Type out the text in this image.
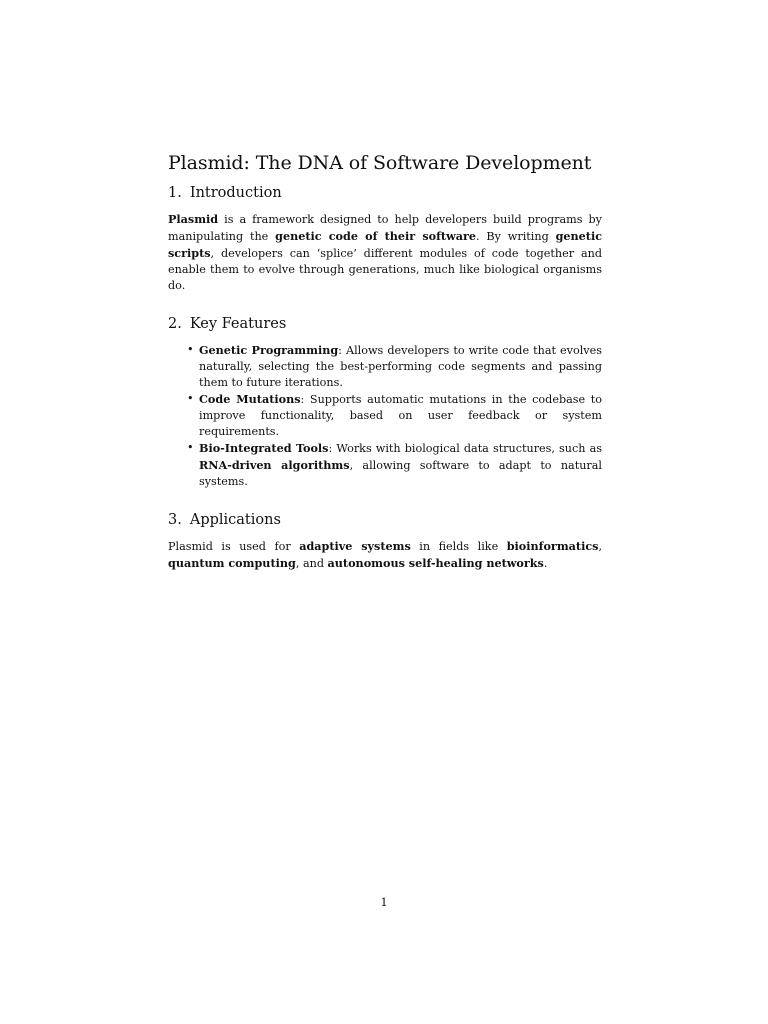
Plasmid: The DNA of Software Development
1. Introduction

Plasmid is a framework designed to help developers build programs by manipulating the genetic code of their software. By writing genetic scripts, developers can ‘splice’ different modules of code together and enable them to evolve through generations, much like biological organisms do.

2. Key Features
• Genetic Programming: Allows developers to write code that evolves naturally, selecting the best-performing code segments and passing them to future iterations.
• Code Mutations: Supports automatic mutations in the codebase to improve functionality, based on user feedback or system requirements.
• Bio-Integrated Tools: Works with biological data structures, such as RNA-driven algorithms, allowing software to adapt to natural systems.
3. Applications

Plasmid is used for adaptive systems in fields like bioinformatics, quantum computing, and autonomous self-healing networks.

1
